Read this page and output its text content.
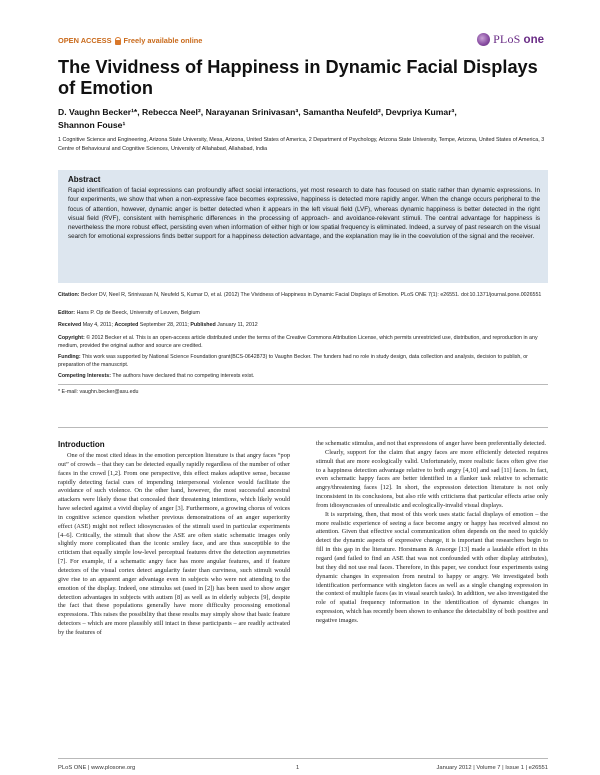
OPEN ACCESS Freely available online	PLoS one
The Vividness of Happiness in Dynamic Facial Displays of Emotion
D. Vaughn Becker¹*, Rebecca Neel², Narayanan Srinivasan³, Samantha Neufeld², Devpriya Kumar³,
Shannon Fouse¹
1 Cognitive Science and Engineering, Arizona State University, Mesa, Arizona, United States of America, 2 Department of Psychology, Arizona State University, Tempe, Arizona, United States of America, 3 Centre of Behavioural and Cognitive Sciences, University of Allahabad, Allahabad, India
Abstract
Rapid identification of facial expressions can profoundly affect social interactions, yet most research to date has focused on static rather than dynamic expressions. In four experiments, we show that when a non-expressive face becomes expressive, happiness is detected more rapidly anger. When the change occurs peripheral to the focus of attention, however, dynamic anger is better detected when it appears in the left visual field (LVF), whereas dynamic happiness is better detected in the right visual field (RVF), consistent with hemispheric differences in the processing of approach- and avoidance-relevant stimuli. The central advantage for happiness is nevertheless the more robust effect, persisting even when information of either high or low spatial frequency is eliminated. Indeed, a survey of past research on the visual search for emotional expressions finds better support for a happiness detection advantage, and the explanation may lie in the coevolution of the signal and the receiver.
Citation: Becker DV, Neel R, Srinivasan N, Neufeld S, Kumar D, et al. (2012) The Vividness of Happiness in Dynamic Facial Displays of Emotion. PLoS ONE 7(1): e26551. doi:10.1371/journal.pone.0026551
Editor: Hans P. Op de Beeck, University of Leuven, Belgium
Received May 4, 2011; Accepted September 28, 2011; Published January 11, 2012
Copyright: © 2012 Becker et al. This is an open-access article distributed under the terms of the Creative Commons Attribution License, which permits unrestricted use, distribution, and reproduction in any medium, provided the original author and source are credited.
Funding: This work was supported by National Science Foundation grant(BCS-0642873) to Vaughn Becker. The funders had no role in study design, data collection and analysis, decision to publish, or preparation of the manuscript.
Competing Interests: The authors have declared that no competing interests exist.
* E-mail: vaughn.becker@asu.edu
Introduction

One of the most cited ideas in the emotion perception literature is that angry faces “pop out” of crowds – that they can be detected equally rapidly regardless of the number of other faces in the crowd [1,2]. From one perspective, this effect makes adaptive sense, because rapidly detecting facial cues of impending interpersonal violence would facilitate the avoidance of such violence. On the other hand, however, the most successful ancestral attackers were likely those that concealed their threatening intentions, which likely would have selected against a vivid display of anger [3]. Furthermore, a growing chorus of voices in cognitive science question whether previous demonstrations of an anger superiority effect (ASE) might not reflect idiosyncrasies of the stimuli used in particular experiments [4–6]. Critically, the stimuli that show the ASE are often static schematic images only slightly more complicated than the iconic smiley face, and are thus susceptible to the criticism that equally simple low-level perceptual features drive the detection asymmetries [7]. For example, if a schematic angry face has more angular features, and if feature detectors of the visual cortex detect angularity faster than curviness, such stimuli would give rise to an apparent anger advantage even in subjects who were not attending to the emotion of the display. Indeed, one stimulus set (used in [2]) has been used to show anger detection advantages in subjects with autism [8] as well as in elderly subjects [9], despite the fact that these populations generally have more difficulty processing emotional expressions. This raises the possibility that these results may simply show that basic feature detectors – which are more plausibly still intact in these participants – are readily activated by the features of

the schematic stimulus, and not that expressions of anger have been preferentially detected.

Clearly, support for the claim that angry faces are more efficiently detected requires stimuli that are more ecologically valid. Unfortunately, more realistic faces often give rise to a happiness detection advantage relative to both angry [4,10] and sad [11] faces. In fact, even schematic happy faces are better identified in a flanker task relative to schematic angry/threatening faces [12]. In short, the expression detection literature is not only inconsistent in its conclusions, but also rife with criticisms that particular effects arise only from idiosyncrasies of unrealistic and ecologically-invalid visual displays.

It is surprising, then, that most of this work uses static facial displays of emotion – the more realistic experience of seeing a face become angry or happy has received almost no attention. Given that effective social communication often depends on the need to quickly detect the dynamic aspects of expressive change, it is important that researchers begin to fill in this gap in the literature. Horstmann & Ansorge [13] made a laudable effort in this regard (and failed to find an ASE that was not confounded with other display attributes), but they did not use real faces. Therefore, in this paper, we conduct four experiments using dynamic changes in expression from neutral to happy or angry. We investigated both identification performance with singleton faces as well as a single changing expression in the context of multiple faces (as in visual search tasks). In addition, we also investigated the role of spatial frequency information in the identification of dynamic changes in expression, which has recently been shown to enhance the detectability of both positive and negative images.

PLoS ONE | www.plosone.org	1	January 2012 | Volume 7 | Issue 1 | e26551
